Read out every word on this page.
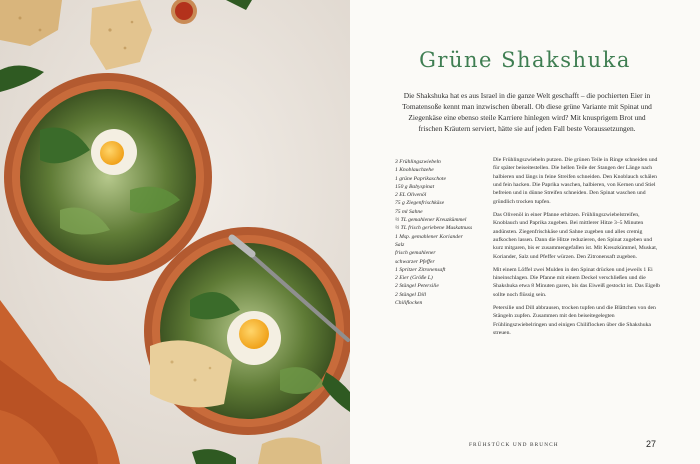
Grüne Shakshuka

Die Shakshuka hat es aus Israel in die ganze Welt geschafft – die pochierten Eier in Tomatensoße kennt man inzwischen überall. Ob diese grüne Variante mit Spinat und Ziegenkäse eine ebenso steile Karriere hinlegen wird? Mit knusprigem Brot und frischen Kräutern serviert, hätte sie auf jeden Fall beste Voraussetzungen.

3 Frühlingszwiebeln
1 Knoblauchzehe
1 grüne Paprikaschote
150 g Babyspinat
2 EL Olivenöl
75 g Ziegenfrischkäse
75 ml Sahne
½ TL gemahlener Kreuzkümmel
½ TL frisch geriebene Muskatnuss
1 Msp. gemahlener Koriander
Salz
frisch gemahlener
schwarzer Pfeffer
1 Spritzer Zitronensaft
2 Eier (Größe L)
2 Stängel Petersilie
2 Stängel Dill
Chiliflocken

Die Frühlingszwiebeln putzen. Die grünen Teile in Ringe schneiden und für später beiseitestellen. Die hellen Teile der Stangen der Länge nach halbieren und längs in feine Streifen schneiden. Den Knoblauch schälen und fein hacken. Die Paprika waschen, halbieren, von Kernen und Stiel befreien und in dünne Streifen schneiden. Den Spinat waschen und gründlich trocken tupfen.

Das Olivenöl in einer Pfanne erhitzen. Frühlingszwiebelstreifen, Knoblauch und Paprika zugeben. Bei mittlerer Hitze 3–5 Minuten andünsten. Ziegenfrischkäse und Sahne zugeben und alles cremig aufkochen lassen. Dann die Hitze reduzieren, den Spinat zugeben und kurz mitgaren, bis er zusammengefallen ist. Mit Kreuzkümmel, Muskat, Koriander, Salz und Pfeffer würzen. Den Zitronensaft zugeben.

Mit einem Löffel zwei Mulden in den Spinat drücken und jeweils 1 Ei hineinschlagen. Die Pfanne mit einem Deckel verschließen und die Shakshuka etwa 8 Minuten garen, bis das Eiweiß gestockt ist. Das Eigelb sollte noch flüssig sein.

Petersilie und Dill abbrausen, trocken tupfen und die Blättchen von den Stängeln zupfen. Zusammen mit den beiseitegelegten Frühlingszwiebelringen und einigen Chiliflocken über die Shakshuka streuen.

FRÜHSTÜCK UND BRUNCH	27
